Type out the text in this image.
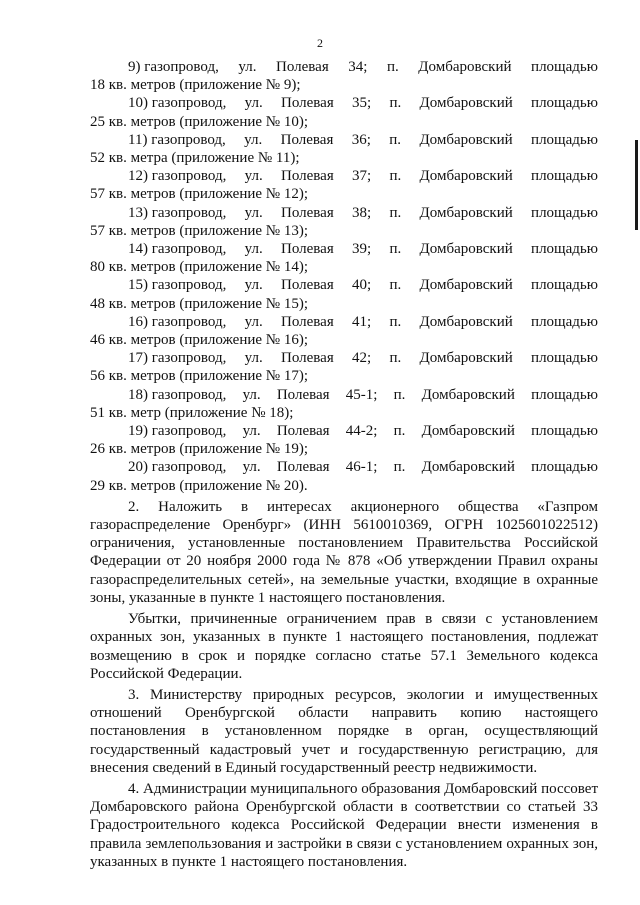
2
9) газопровод, ул. Полевая 34; п. Домбаровский площадью
18 кв. метров (приложение № 9);
10) газопровод, ул. Полевая 35; п. Домбаровский площадью
25 кв. метров (приложение № 10);
11) газопровод, ул. Полевая 36; п. Домбаровский площадью
52 кв. метра (приложение № 11);
12) газопровод, ул. Полевая 37; п. Домбаровский площадью
57 кв. метров (приложение № 12);
13) газопровод, ул. Полевая 38; п. Домбаровский площадью
57 кв. метров (приложение № 13);
14) газопровод, ул. Полевая 39; п. Домбаровский площадью
80 кв. метров (приложение № 14);
15) газопровод, ул. Полевая 40; п. Домбаровский площадью
48 кв. метров (приложение № 15);
16) газопровод, ул. Полевая 41; п. Домбаровский площадью
46 кв. метров (приложение № 16);
17) газопровод, ул. Полевая 42; п. Домбаровский площадью
56 кв. метров (приложение № 17);
18) газопровод, ул. Полевая 45-1; п. Домбаровский площадью
51 кв. метр (приложение № 18);
19) газопровод, ул. Полевая 44-2; п. Домбаровский площадью
26 кв. метров (приложение № 19);
20) газопровод, ул. Полевая 46-1; п. Домбаровский площадью
29 кв. метров (приложение № 20).

2. Наложить в интересах акционерного общества «Газпром газораспределение Оренбург» (ИНН 5610010369, ОГРН 1025601022512) ограничения, установленные постановлением Правительства Российской Федерации от 20 ноября 2000 года № 878 «Об утверждении Правил охраны газораспределительных сетей», на земельные участки, входящие в охранные зоны, указанные в пункте 1 настоящего постановления.

Убытки, причиненные ограничением прав в связи с установлением охранных зон, указанных в пункте 1 настоящего постановления, подлежат возмещению в срок и порядке согласно статье 57.1 Земельного кодекса Российской Федерации.

3. Министерству природных ресурсов, экологии и имущественных отношений Оренбургской области направить копию настоящего постановления в установленном порядке в орган, осуществляющий государственный кадастровый учет и государственную регистрацию, для внесения сведений в Единый государственный реестр недвижимости.

4. Администрации муниципального образования Домбаровский поссовет Домбаровского района Оренбургской области в соответствии со статьей 33 Градостроительного кодекса Российской Федерации внести изменения в правила землепользования и застройки в связи с установлением охранных зон, указанных в пункте 1 настоящего постановления.
